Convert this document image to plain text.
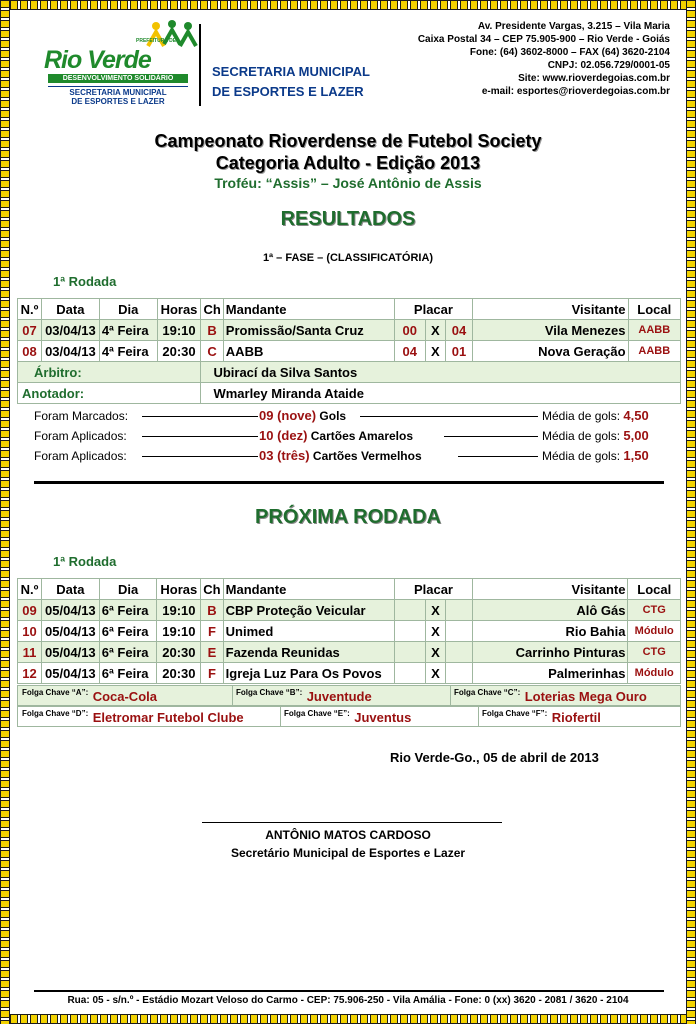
PREFEITURA DE
Rio Verde
DESENVOLVIMENTO SOLIDÁRIO
SECRETARIA MUNICIPAL
DE ESPORTES E LAZER
SECRETARIA MUNICIPAL
DE ESPORTES E LAZER
Av. Presidente Vargas, 3.215 – Vila Maria
Caixa Postal 34 – CEP 75.905-900 – Rio Verde - Goiás
Fone: (64) 3602-8000 – FAX (64) 3620-2104
CNPJ: 02.056.729/0001-05
Site: www.rioverdegoias.com.br
e-mail: esportes@rioverdegoias.com.br
Campeonato Rioverdense de Futebol Society
Categoria Adulto - Edição 2013
Troféu: “Assis” – José Antônio de Assis
RESULTADOS
1ª – FASE – (CLASSIFICATÓRIA)
1ª Rodada
N.º	Data	Dia	Horas	Ch	Mandante	Placar			Visitante	Local
07	03/04/13	4ª Feira	19:10	B	Promissão/Santa Cruz	00	X	04	Vila Menezes	AABB
08	03/04/13	4ª Feira	20:30	C	AABB	04	X	01	Nova Geração	AABB
Árbitro:				Ubirací da Silva Santos						
Anotador:				Wmarley Miranda Ataide						
Foram Marcados:	09 (nove) Gols	Média de gols: 4,50
Foram Aplicados:	10 (dez) Cartões Amarelos	Média de gols: 5,00
Foram Aplicados:	03 (três) Cartões Vermelhos	Média de gols: 1,50
PRÓXIMA RODADA
1ª Rodada
N.º	Data	Dia	Horas	Ch	Mandante	Placar			Visitante	Local
09	05/04/13	6ª Feira	19:10	B	CBP Proteção Veicular		X		Alô Gás	CTG
10	05/04/13	6ª Feira	19:10	F	Unimed		X		Rio Bahia	Módulo
11	05/04/13	6ª Feira	20:30	E	Fazenda Reunidas		X		Carrinho Pinturas	CTG
12	05/04/13	6ª Feira	20:30	F	Igreja Luz Para Os Povos		X		Palmerinhas	Módulo
$^{Folga Chave “A”:}$ Coca-Cola	$^{Folga Chave “B”:}$ Juventude	$^{Folga Chave “C”:}$ Loterias Mega Ouro
$^{Folga Chave “D”:}$ Eletromar Futebol Clube	$^{Folga Chave “E”:}$ Juventus	$^{Folga Chave “F”:}$ Riofertil
Rio Verde-Go., 05 de abril de 2013
ANTÔNIO MATOS CARDOSO
Secretário Municipal de Esportes e Lazer
Rua: 05 - s/n.º - Estádio Mozart Veloso do Carmo - CEP: 75.906-250 - Vila Amália - Fone: 0 (xx) 3620 - 2081 / 3620 - 2104
